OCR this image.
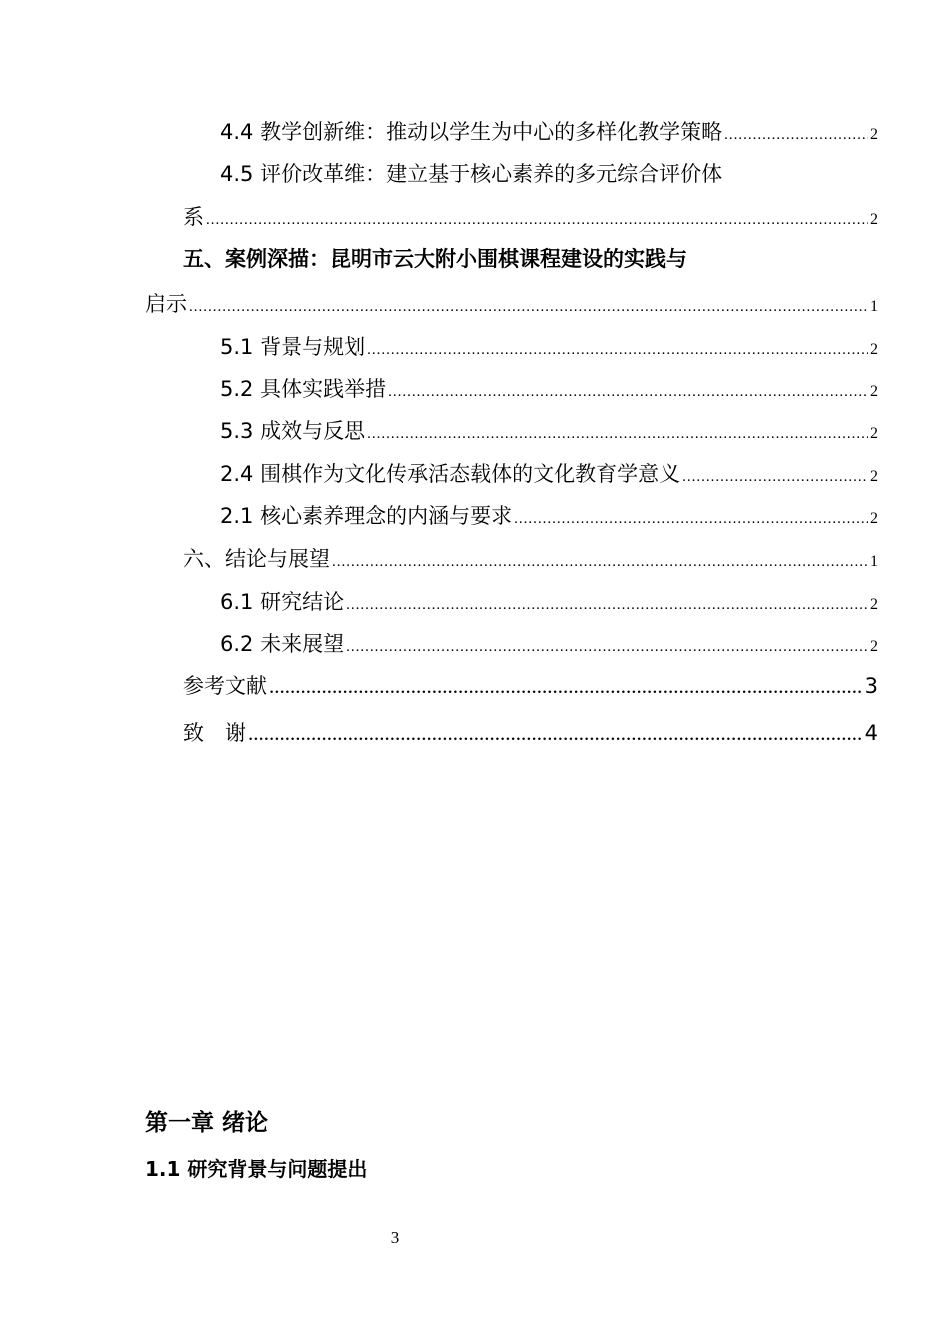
4.4 教学创新维：推动以学生为中心的多样化教学策略 .....	2
4.5 评价改革维：建立基于核心素养的多元综合评价体
系 .....	2
五、案例深描：昆明市云大附小围棋课程建设的实践与
启示 .....	1
5.1 背景与规划 .....	2
5.2 具体实践举措 .....	2
5.3 成效与反思 .....	2
2.4 围棋作为文化传承活态载体的文化教育学意义 .....	2
2.1 核心素养理念的内涵与要求 .....	2
六、结论与展望 .....	1
6.1 研究结论 .....	2
6.2 未来展望 .....	2
参考文献 .....	3
致　谢 .....	4
第一章 绪论
1.1 研究背景与问题提出
3
